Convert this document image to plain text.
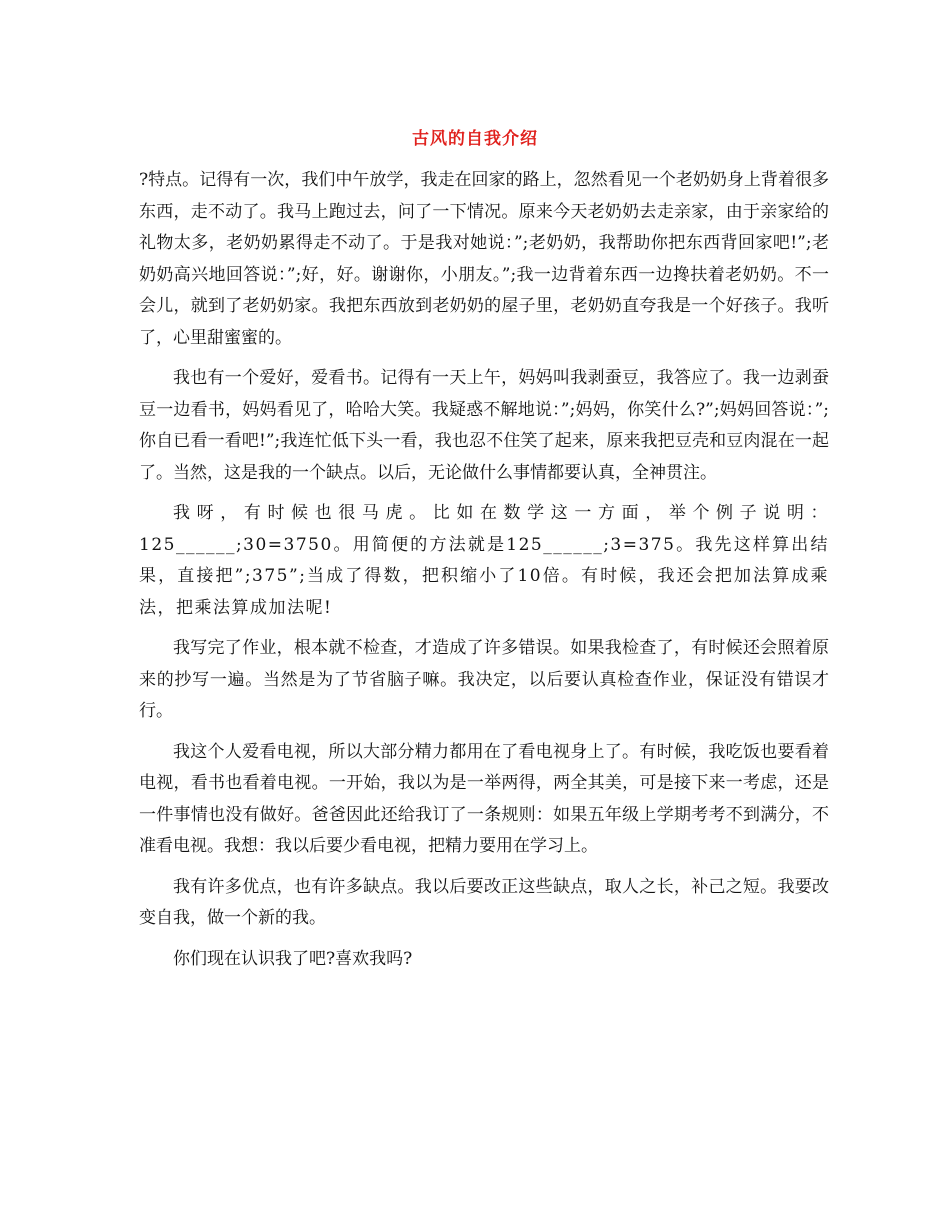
古风的自我介绍

?特点。记得有一次，我们中午放学，我走在回家的路上，忽然看见一个老奶奶身上背着很多东西，走不动了。我马上跑过去，问了一下情况。原来今天老奶奶去走亲家，由于亲家给的礼物太多，老奶奶累得走不动了。于是我对她说：”;老奶奶，我帮助你把东西背回家吧!”;老奶奶高兴地回答说：”;好，好。谢谢你，小朋友。”;我一边背着东西一边搀扶着老奶奶。不一会儿，就到了老奶奶家。我把东西放到老奶奶的屋子里，老奶奶直夸我是一个好孩子。我听了，心里甜蜜蜜的。

我也有一个爱好，爱看书。记得有一天上午，妈妈叫我剥蚕豆，我答应了。我一边剥蚕豆一边看书，妈妈看见了，哈哈大笑。我疑惑不解地说：”;妈妈，你笑什么?”;妈妈回答说：”;你自已看一看吧!”;我连忙低下头一看，我也忍不住笑了起来，原来我把豆壳和豆肉混在一起了。当然，这是我的一个缺点。以后，无论做什么事情都要认真，全神贯注。

我呀，有时候也很马虎。比如在数学这一方面，举个例子说明：125______;30=3750。用简便的方法就是125______;3=375。我先这样算出结果，直接把”;375”;当成了得数，把积缩小了10倍。有时候，我还会把加法算成乘法，把乘法算成加法呢!

我写完了作业，根本就不检查，才造成了许多错误。如果我检查了，有时候还会照着原来的抄写一遍。当然是为了节省脑子嘛。我决定，以后要认真检查作业，保证没有错误才行。

我这个人爱看电视，所以大部分精力都用在了看电视身上了。有时候，我吃饭也要看着电视，看书也看着电视。一开始，我以为是一举两得，两全其美，可是接下来一考虑，还是一件事情也没有做好。爸爸因此还给我订了一条规则：如果五年级上学期考考不到满分，不准看电视。我想：我以后要少看电视，把精力要用在学习上。

我有许多优点，也有许多缺点。我以后要改正这些缺点，取人之长，补己之短。我要改变自我，做一个新的我。

你们现在认识我了吧?喜欢我吗?
